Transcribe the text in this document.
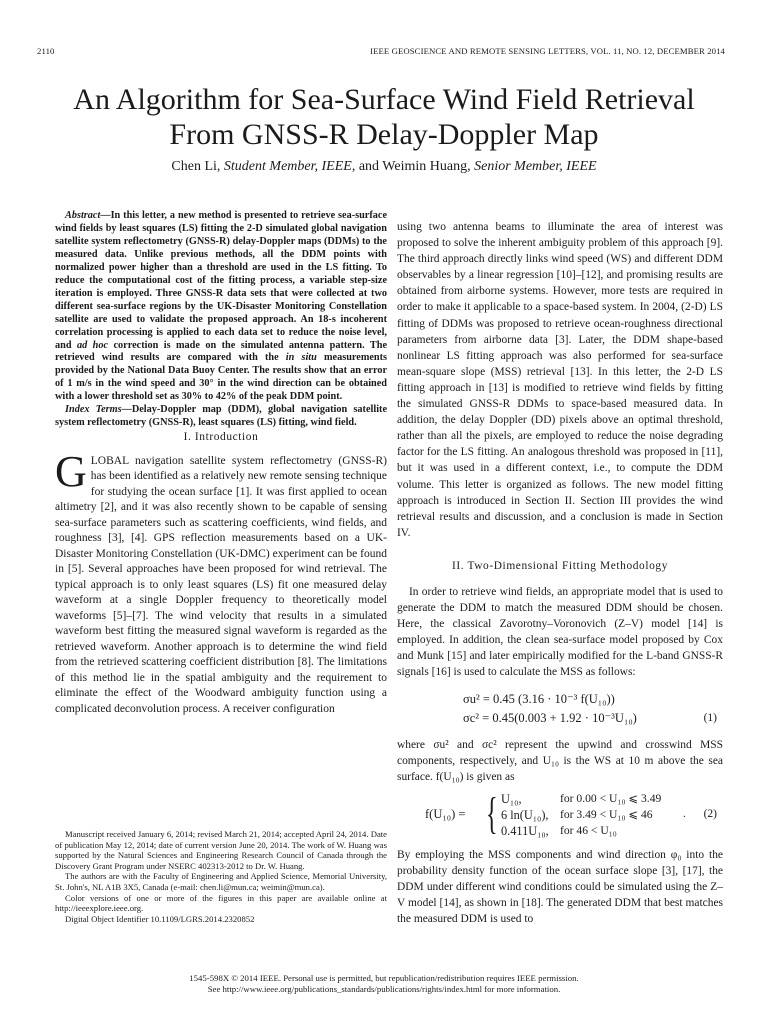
2110	IEEE GEOSCIENCE AND REMOTE SENSING LETTERS, VOL. 11, NO. 12, DECEMBER 2014
An Algorithm for Sea-Surface Wind Field Retrieval
From GNSS-R Delay-Doppler Map
Chen Li, Student Member, IEEE, and Weimin Huang, Senior Member, IEEE

Abstract—In this letter, a new method is presented to retrieve sea-surface wind fields by least squares (LS) fitting the 2-D simulated global navigation satellite system reflectometry (GNSS-R) delay-Doppler maps (DDMs) to the measured data. Unlike previous methods, all the DDM points with normalized power higher than a threshold are used in the LS fitting. To reduce the computational cost of the fitting process, a variable step-size iteration is employed. Three GNSS-R data sets that were collected at two different sea-surface regions by the UK-Disaster Monitoring Constellation satellite are used to validate the proposed approach. An 18-s incoherent correlation processing is applied to each data set to reduce the noise level, and ad hoc correction is made on the simulated antenna pattern. The retrieved wind results are compared with the in situ measurements provided by the National Data Buoy Center. The results show that an error of 1 m/s in the wind speed and 30° in the wind direction can be obtained with a lower threshold set as 30% to 42% of the peak DDM point.

Index Terms—Delay-Doppler map (DDM), global navigation satellite system reflectometry (GNSS-R), least squares (LS) fitting, wind field.

I. Introduction

GLOBAL navigation satellite system reflectometry (GNSS-R) has been identified as a relatively new remote sensing technique for studying the ocean surface [1]. It was first applied to ocean altimetry [2], and it was also recently shown to be capable of sensing sea-surface parameters such as scattering coefficients, wind fields, and roughness [3], [4]. GPS reflection measurements based on a UK-Disaster Monitoring Constellation (UK-DMC) experiment can be found in [5]. Several approaches have been proposed for wind retrieval. The typical approach is to only least squares (LS) fit one measured delay waveform at a single Doppler frequency to theoretically model waveforms [5]–[7]. The wind velocity that results in a simulated waveform best fitting the measured signal waveform is regarded as the retrieved waveform. Another approach is to determine the wind field from the retrieved scattering coefficient distribution [8]. The limitations of this method lie in the spatial ambiguity and the requirement to eliminate the effect of the Woodward ambiguity function using a complicated deconvolution process. A receiver configuration

Manuscript received January 6, 2014; revised March 21, 2014; accepted April 24, 2014. Date of publication May 12, 2014; date of current version June 20, 2014. The work of W. Huang was supported by the Natural Sciences and Engineering Research Council of Canada through the Discovery Grant Program under NSERC 402313-2012 to Dr. W. Huang.

The authors are with the Faculty of Engineering and Applied Science, Memorial University, St. John's, NL A1B 3X5, Canada (e-mail: chen.li@mun.ca; weimin@mun.ca).

Color versions of one or more of the figures in this paper are available online at http://ieeexplore.ieee.org.

Digital Object Identifier 10.1109/LGRS.2014.2320852

using two antenna beams to illuminate the area of interest was proposed to solve the inherent ambiguity problem of this approach [9]. The third approach directly links wind speed (WS) and different DDM observables by a linear regression [10]–[12], and promising results are obtained from airborne systems. However, more tests are required in order to make it applicable to a space-based system. In 2004, (2-D) LS fitting of DDMs was proposed to retrieve ocean-roughness directional parameters from airborne data [3]. Later, the DDM shape-based nonlinear LS fitting approach was also performed for sea-surface mean-square slope (MSS) retrieval [13]. In this letter, the 2-D LS fitting approach in [13] is modified to retrieve wind fields by fitting the simulated GNSS-R DDMs to space-based measured data. In addition, the delay Doppler (DD) pixels above an optimal threshold, rather than all the pixels, are employed to reduce the noise degrading factor for the LS fitting. An analogous threshold was proposed in [11], but it was used in a different context, i.e., to compute the DDM volume. This letter is organized as follows. The new model fitting approach is introduced in Section II. Section III provides the wind retrieval results and discussion, and a conclusion is made in Section IV.

II. Two-Dimensional Fitting Methodology

In order to retrieve wind fields, an appropriate model that is used to generate the DDM to match the measured DDM should be chosen. Here, the classical Zavorotny–Voronovich (Z–V) model [14] is employed. In addition, the clean sea-surface model proposed by Cox and Munk [15] and later empirically modified for the L-band GNSS-R signals [16] is used to calculate the MSS as follows:

σu² = 0.45 (3.16 · 10⁻³ f(U₁₀))
σc² = 0.45(0.003 + 1.92 · 10⁻³U₁₀)	(1)

where σu² and σc² represent the upwind and crosswind MSS components, respectively, and U₁₀ is the WS at 10 m above the sea surface. f(U₁₀) is given as

f(U₁₀) = { U₁₀,	for 0.00 < U₁₀ ⩽ 3.49
6 ln(U₁₀), for 3.49 < U₁₀ ⩽ 46
0.411U₁₀, for 46 < U₁₀
. (2)

By employing the MSS components and wind direction φ₀ into the probability density function of the ocean surface slope [3], [17], the DDM under different wind conditions could be simulated using the Z–V model [14], as shown in [18]. The generated DDM that best matches the measured DDM is used to

1545-598X © 2014 IEEE. Personal use is permitted, but republication/redistribution requires IEEE permission.
See http://www.ieee.org/publications_standards/publications/rights/index.html for more information.
